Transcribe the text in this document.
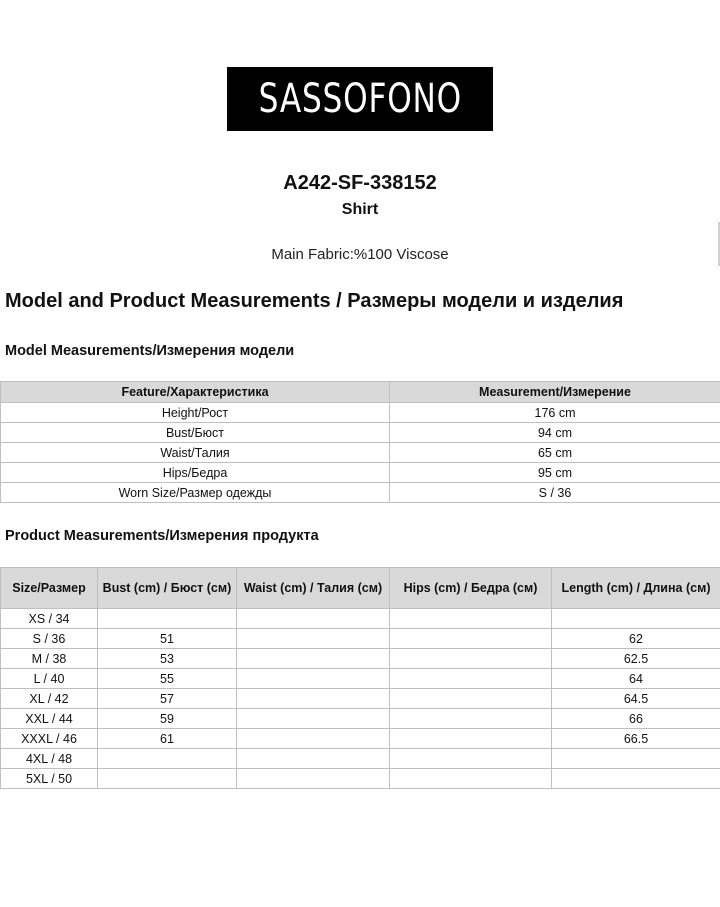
SASSOFONO
A242-SF-338152
Shirt
Main Fabric:%100 Viscose
Model and Product Measurements / Размеры модели и изделия
Model Measurements/Измерения модели
Feature/Характеристика	Measurement/Измерение
Height/Рост	176 cm
Bust/Бюст	94 cm
Waist/Талия	65 cm
Hips/Бедра	95 cm
Worn Size/Размер одежды	S / 36
Product Measurements/Измерения продукта
Size/Размер	Bust (cm) / Бюст (см)	Waist (cm) / Талия (см)	Hips (cm) / Бедра (см)	Length (cm) / Длина (см)
XS / 34				
S / 36	51			62
M / 38	53			62.5
L / 40	55			64
XL / 42	57			64.5
XXL / 44	59			66
XXXL / 46	61			66.5
4XL / 48				
5XL / 50				
